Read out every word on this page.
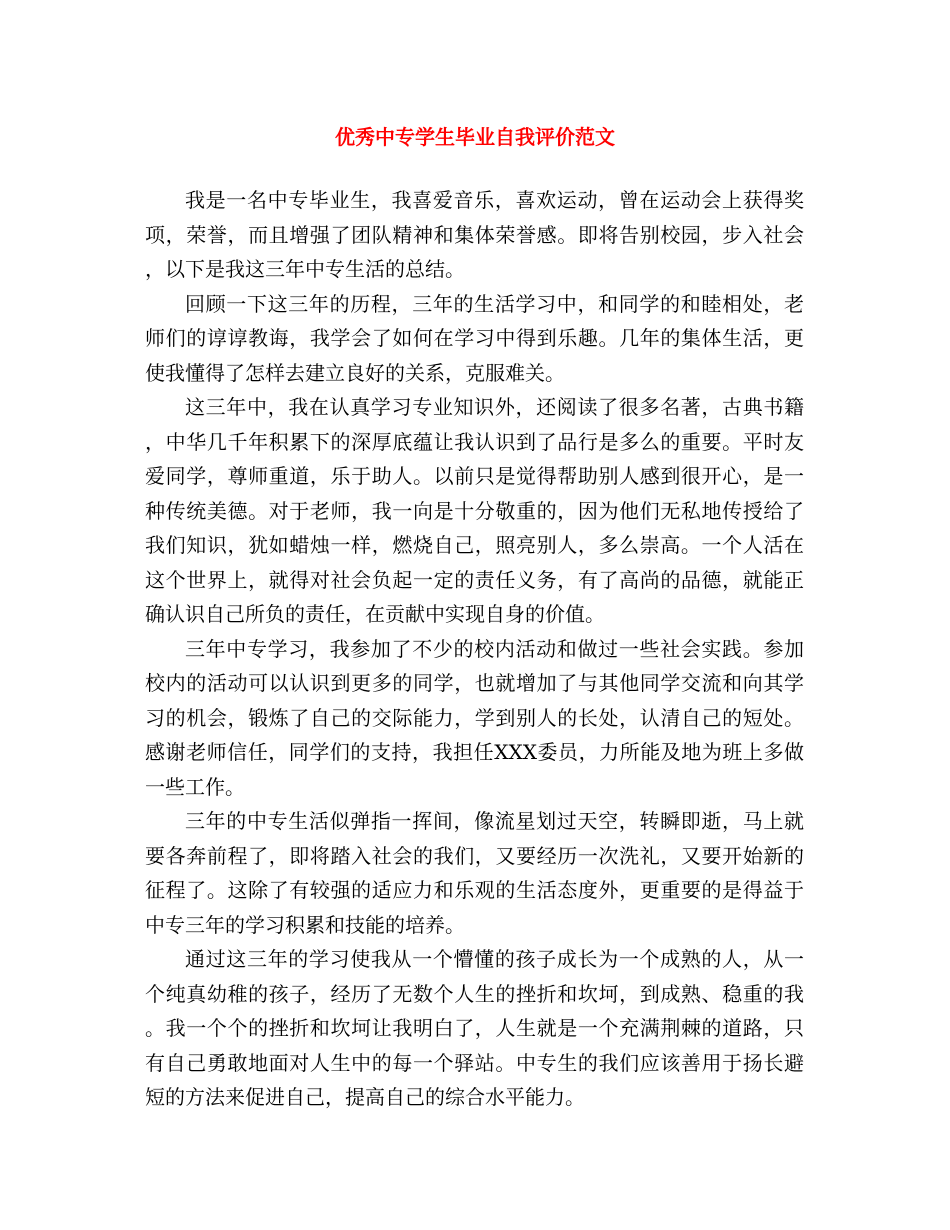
优秀中专学生毕业自我评价范文

我是一名中专毕业生，我喜爱音乐，喜欢运动，曾在运动会上获得奖项，荣誉，而且增强了团队精神和集体荣誉感。即将告别校园，步入社会，以下是我这三年中专生活的总结。

回顾一下这三年的历程，三年的生活学习中，和同学的和睦相处，老师们的谆谆教诲，我学会了如何在学习中得到乐趣。几年的集体生活，更使我懂得了怎样去建立良好的关系，克服难关。

这三年中，我在认真学习专业知识外，还阅读了很多名著，古典书籍，中华几千年积累下的深厚底蕴让我认识到了品行是多么的重要。平时友爱同学，尊师重道，乐于助人。以前只是觉得帮助别人感到很开心，是一种传统美德。对于老师，我一向是十分敬重的，因为他们无私地传授给了我们知识，犹如蜡烛一样，燃烧自己，照亮别人，多么崇高。一个人活在这个世界上，就得对社会负起一定的责任义务，有了高尚的品德，就能正确认识自己所负的责任，在贡献中实现自身的价值。

三年中专学习，我参加了不少的校内活动和做过一些社会实践。参加校内的活动可以认识到更多的同学，也就增加了与其他同学交流和向其学习的机会，锻炼了自己的交际能力，学到别人的长处，认清自己的短处。感谢老师信任，同学们的支持，我担任XXX委员，力所能及地为班上多做一些工作。

三年的中专生活似弹指一挥间，像流星划过天空，转瞬即逝，马上就要各奔前程了，即将踏入社会的我们，又要经历一次洗礼，又要开始新的征程了。这除了有较强的适应力和乐观的生活态度外，更重要的是得益于中专三年的学习积累和技能的培养。

通过这三年的学习使我从一个懵懂的孩子成长为一个成熟的人，从一个纯真幼稚的孩子，经历了无数个人生的挫折和坎坷，到成熟、稳重的我。我一个个的挫折和坎坷让我明白了，人生就是一个充满荆棘的道路，只有自己勇敢地面对人生中的每一个驿站。中专生的我们应该善用于扬长避短的方法来促进自己，提高自己的综合水平能力。
